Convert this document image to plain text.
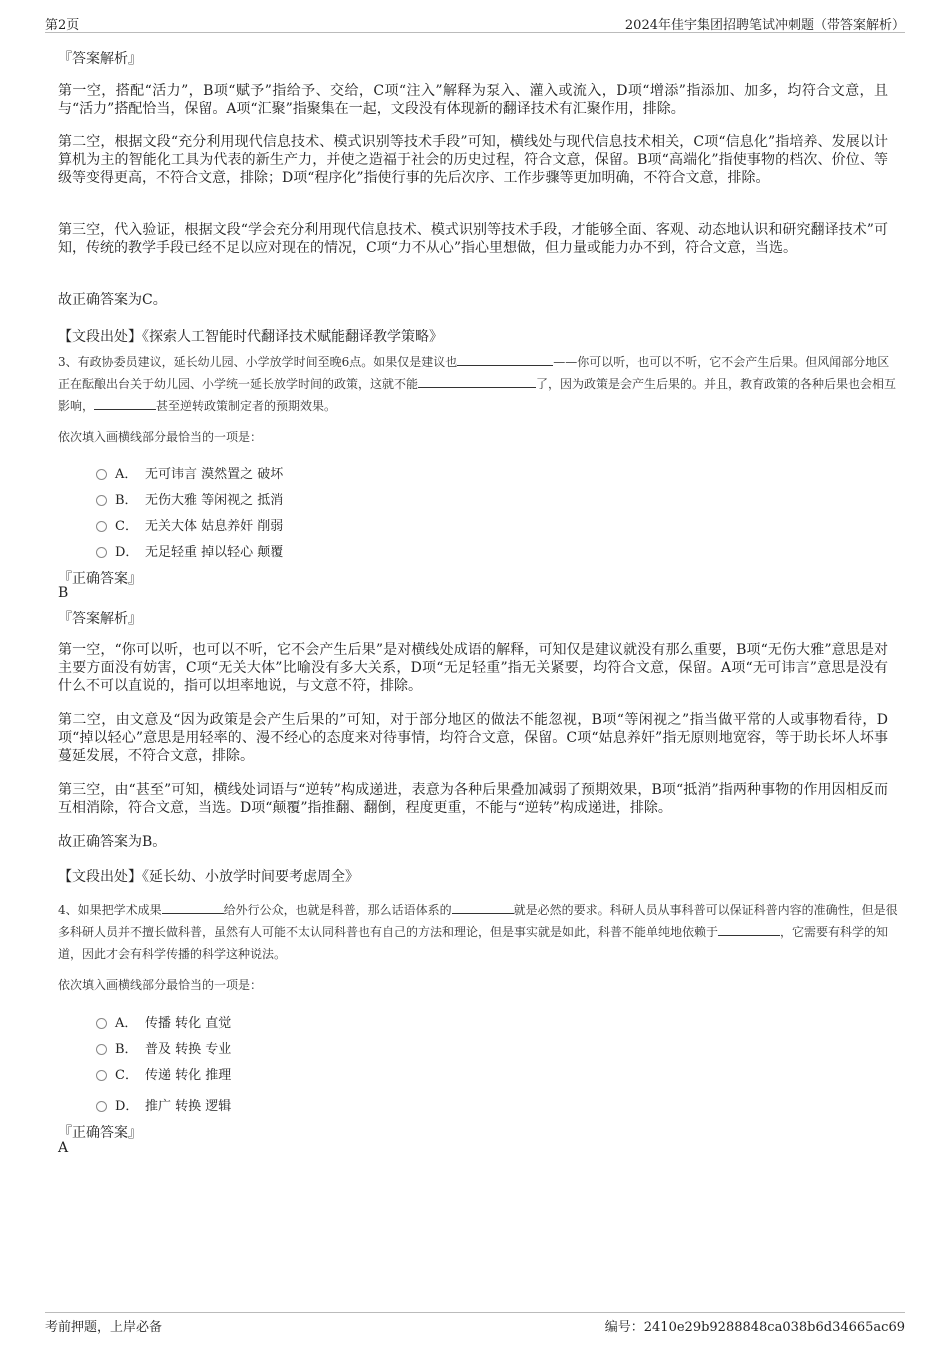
第2页	2024年佳宇集团招聘笔试冲刺题（带答案解析）
『答案解析』
第一空，搭配“活力”，B项“赋予”指给予、交给，C项“注入”解释为泵入、灌入或流入，D项“增添”指添加、加多，均符合文意，且与“活力”搭配恰当，保留。A项“汇聚”指聚集在一起，文段没有体现新的翻译技术有汇聚作用，排除。
第二空，根据文段“充分利用现代信息技术、模式识别等技术手段”可知，横线处与现代信息技术相关，C项“信息化”指培养、发展以计算机为主的智能化工具为代表的新生产力，并使之造福于社会的历史过程，符合文意，保留。B项“高端化”指使事物的档次、价位、等级等变得更高，不符合文意，排除；D项“程序化”指使行事的先后次序、工作步骤等更加明确，不符合文意，排除。
第三空，代入验证，根据文段“学会充分利用现代信息技术、模式识别等技术手段，才能够全面、客观、动态地认识和研究翻译技术”可知，传统的教学手段已经不足以应对现在的情况，C项“力不从心”指心里想做，但力量或能力办不到，符合文意，当选。
故正确答案为C。
【文段出处】《探索人工智能时代翻译技术赋能翻译教学策略》
3、有政协委员建议，延长幼儿园、小学放学时间至晚6点。如果仅是建议也	——你可以听，也可以不听，它不会产生后果。但风闻部分地区正在酝酿出台关于幼儿园、小学统一延长放学时间的政策，这就不能	了，因为政策是会产生后果的。并且，教育政策的各种后果也会相互影响，	甚至逆转政策制定者的预期效果。
依次填入画横线部分最恰当的一项是：
A． 无可讳言 漠然置之 破坏
B． 无伤大雅 等闲视之 抵消
C． 无关大体 姑息养奸 削弱
D． 无足轻重 掉以轻心 颠覆
『正确答案』
B
『答案解析』
第一空，“你可以听，也可以不听，它不会产生后果”是对横线处成语的解释，可知仅是建议就没有那么重要，B项“无伤大雅”意思是对主要方面没有妨害，C项“无关大体”比喻没有多大关系，D项“无足轻重”指无关紧要，均符合文意，保留。A项“无可讳言”意思是没有什么不可以直说的，指可以坦率地说，与文意不符，排除。
第二空，由文意及“因为政策是会产生后果的”可知，对于部分地区的做法不能忽视，B项“等闲视之”指当做平常的人或事物看待，D项“掉以轻心”意思是用轻率的、漫不经心的态度来对待事情，均符合文意，保留。C项“姑息养奸”指无原则地宽容，等于助长坏人坏事蔓延发展，不符合文意，排除。
第三空，由“甚至”可知，横线处词语与“逆转”构成递进，表意为各种后果叠加减弱了预期效果，B项“抵消”指两种事物的作用因相反而互相消除，符合文意，当选。D项“颠覆”指推翻、翻倒，程度更重，不能与“逆转”构成递进，排除。
故正确答案为B。
【文段出处】《延长幼、小放学时间要考虑周全》
4、如果把学术成果	给外行公众，也就是科普，那么话语体系的	就是必然的要求。科研人员从事科普可以保证科普内容的准确性，但是很多科研人员并不擅长做科普，虽然有人可能不太认同科普也有自己的方法和理论，但是事实就是如此，科普不能单纯地依赖于	，它需要有科学的知道，因此才会有科学传播的科学这种说法。
依次填入画横线部分最恰当的一项是：
A． 传播 转化 直觉
B． 普及 转换 专业
C． 传递 转化 推理
D． 推广 转换 逻辑
『正确答案』
A
考前押题，上岸必备	编号：2410e29b9288848ca038b6d34665ac69
